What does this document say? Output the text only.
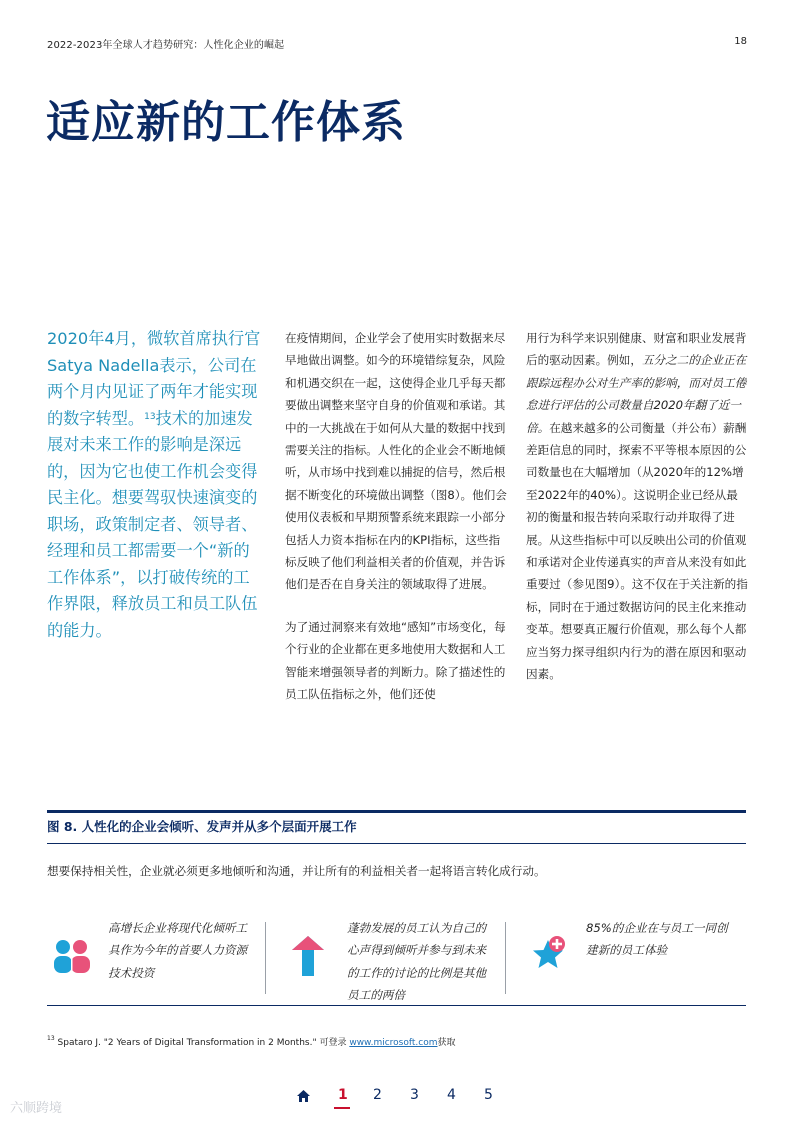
2022-2023年全球人才趋势研究：人性化企业的崛起	18
适应新的工作体系
2020年4月，微软首席执行官Satya Nadella表示，公司在两个月内见证了两年才能实现的数字转型。$^{13}$技术的加速发展对未来工作的影响是深远的，因为它也使工作机会变得民主化。想要驾驭快速演变的职场，政策制定者、领导者、经理和员工都需要一个“新的工作体系”，以打破传统的工作界限，释放员工和员工队伍的能力。

在疫情期间，企业学会了使用实时数据来尽早地做出调整。如今的环境错综复杂，风险和机遇交织在一起，这使得企业几乎每天都要做出调整来坚守自身的价值观和承诺。其中的一大挑战在于如何从大量的数据中找到需要关注的指标。人性化的企业会不断地倾听，从市场中找到难以捕捉的信号，然后根据不断变化的环境做出调整（图8）。他们会使用仪表板和早期预警系统来跟踪一小部分包括人力资本指标在内的KPI指标，这些指标反映了他们利益相关者的价值观，并告诉他们是否在自身关注的领域取得了进展。

为了通过洞察来有效地“感知”市场变化，每个行业的企业都在更多地使用大数据和人工智能来增强领导者的判断力。除了描述性的员工队伍指标之外，他们还使

用行为科学来识别健康、财富和职业发展背后的驱动因素。例如，五分之二的企业正在跟踪远程办公对生产率的影响，而对员工倦怠进行评估的公司数量自2020年翻了近一倍。在越来越多的公司衡量（并公布）薪酬差距信息的同时，探索不平等根本原因的公司数量也在大幅增加（从2020年的12%增至2022年的40%）。这说明企业已经从最初的衡量和报告转向采取行动并取得了进展。从这些指标中可以反映出公司的价值观和承诺对企业传递真实的声音从来没有如此重要过（参见图9）。这不仅在于关注新的指标，同时在于通过数据访问的民主化来推动变革。想要真正履行价值观，那么每个人都应当努力探寻组织内行为的潜在原因和驱动因素。

图 8. 人性化的企业会倾听、发声并从多个层面开展工作
想要保持相关性，企业就必须更多地倾听和沟通，并让所有的利益相关者一起将语言转化成行动。
高增长企业将现代化倾听工具作为今年的首要人力资源技术投资
蓬勃发展的员工认为自己的心声得到倾听并参与到未来的工作的讨论的比例是其他员工的两倍
85%的企业在与员工一同创建新的员工体验
$^{13}$ Spataro J. "2 Years of Digital Transformation in 2 Months." 可登录 www.microsoft.com获取
1 2 3 4 5
六顺跨境
